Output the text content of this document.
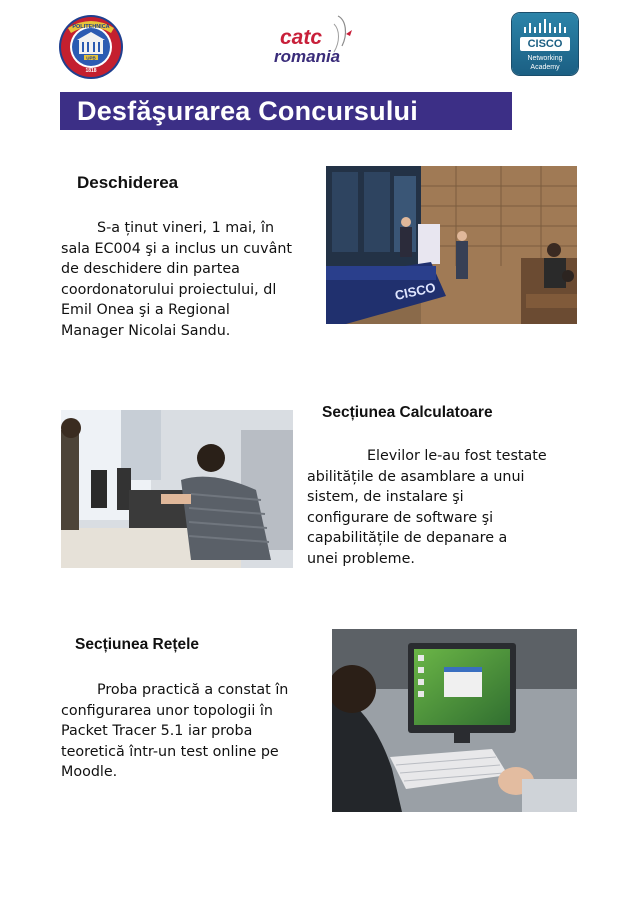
UPB
POLITEHNICA
1818
catc
romania
CISCO
Networking
Academy
Desfăşurarea Concursului
Deschiderea
S-a ținut vineri, 1 mai, în
sala EC004 şi a inclus un cuvânt
de deschidere din partea
coordonatorului proiectului, dl
Emil Onea şi a Regional
Manager Nicolai Sandu.
CISCO
Secțiunea Calculatoare
Elevilor le-au fost testate
abilitățile de asamblare a unui
sistem, de instalare şi
configurare de software şi
capabilitățile de depanare a
unei probleme.
Secțiunea Rețele
Proba practică a constat în
configurarea unor topologii în
Packet Tracer 5.1 iar proba
teoretică într-un test online pe
Moodle.
